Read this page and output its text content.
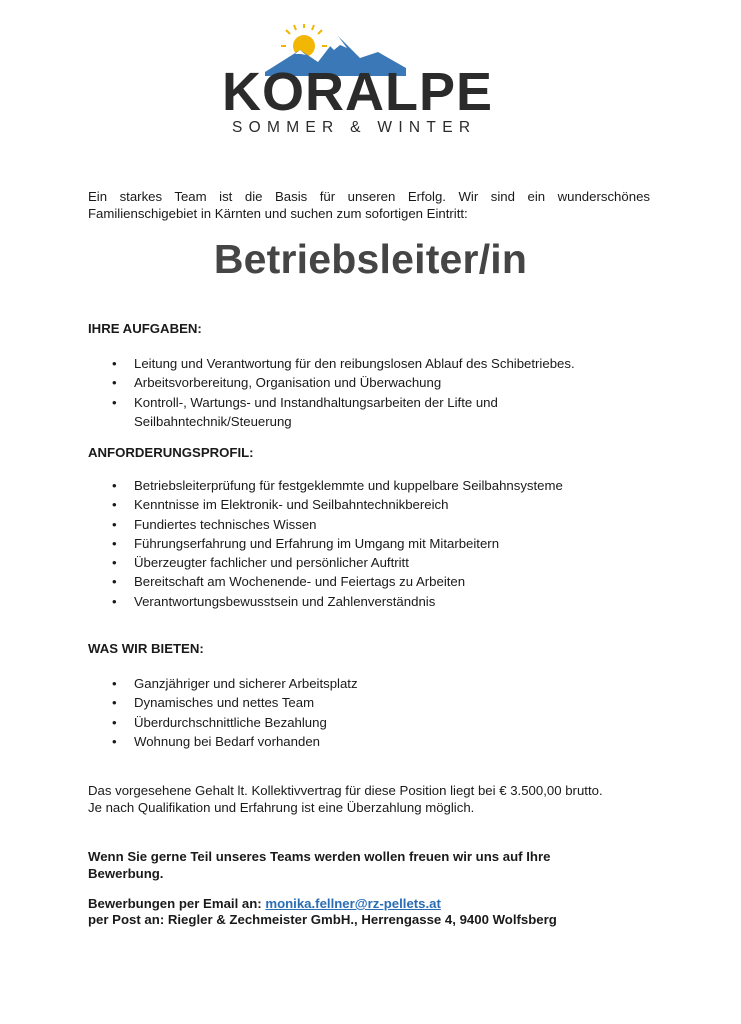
KORALPE
SOMMER & WINTER
Ein starkes Team ist die Basis für unseren Erfolg. Wir sind ein wunderschönes Familienschigebiet in Kärnten und suchen zum sofortigen Eintritt:
Betriebsleiter/in
IHRE AUFGABEN:
• Leitung und Verantwortung für den reibungslosen Ablauf des Schibetriebes.
• Arbeitsvorbereitung, Organisation und Überwachung
• Kontroll-, Wartungs- und Instandhaltungsarbeiten der Lifte und Seilbahntechnik/Steuerung
ANFORDERUNGSPROFIL:
• Betriebsleiterprüfung für festgeklemmte und kuppelbare Seilbahnsysteme
• Kenntnisse im Elektronik- und Seilbahntechnikbereich
• Fundiertes technisches Wissen
• Führungserfahrung und Erfahrung im Umgang mit Mitarbeitern
• Überzeugter fachlicher und persönlicher Auftritt
• Bereitschaft am Wochenende- und Feiertags zu Arbeiten
• Verantwortungsbewusstsein und Zahlenverständnis
WAS WIR BIETEN:
• Ganzjähriger und sicherer Arbeitsplatz
• Dynamisches und nettes Team
• Überdurchschnittliche Bezahlung
• Wohnung bei Bedarf vorhanden

Das vorgesehene Gehalt lt. Kollektivvertrag für diese Position liegt bei € 3.500,00 brutto.

Je nach Qualifikation und Erfahrung ist eine Überzahlung möglich.

Wenn Sie gerne Teil unseres Teams werden wollen freuen wir uns auf Ihre Bewerbung.

Bewerbungen per Email an: monika.fellner@rz-pellets.at

per Post an: Riegler & Zechmeister GmbH., Herrengasse 4, 9400 Wolfsberg
